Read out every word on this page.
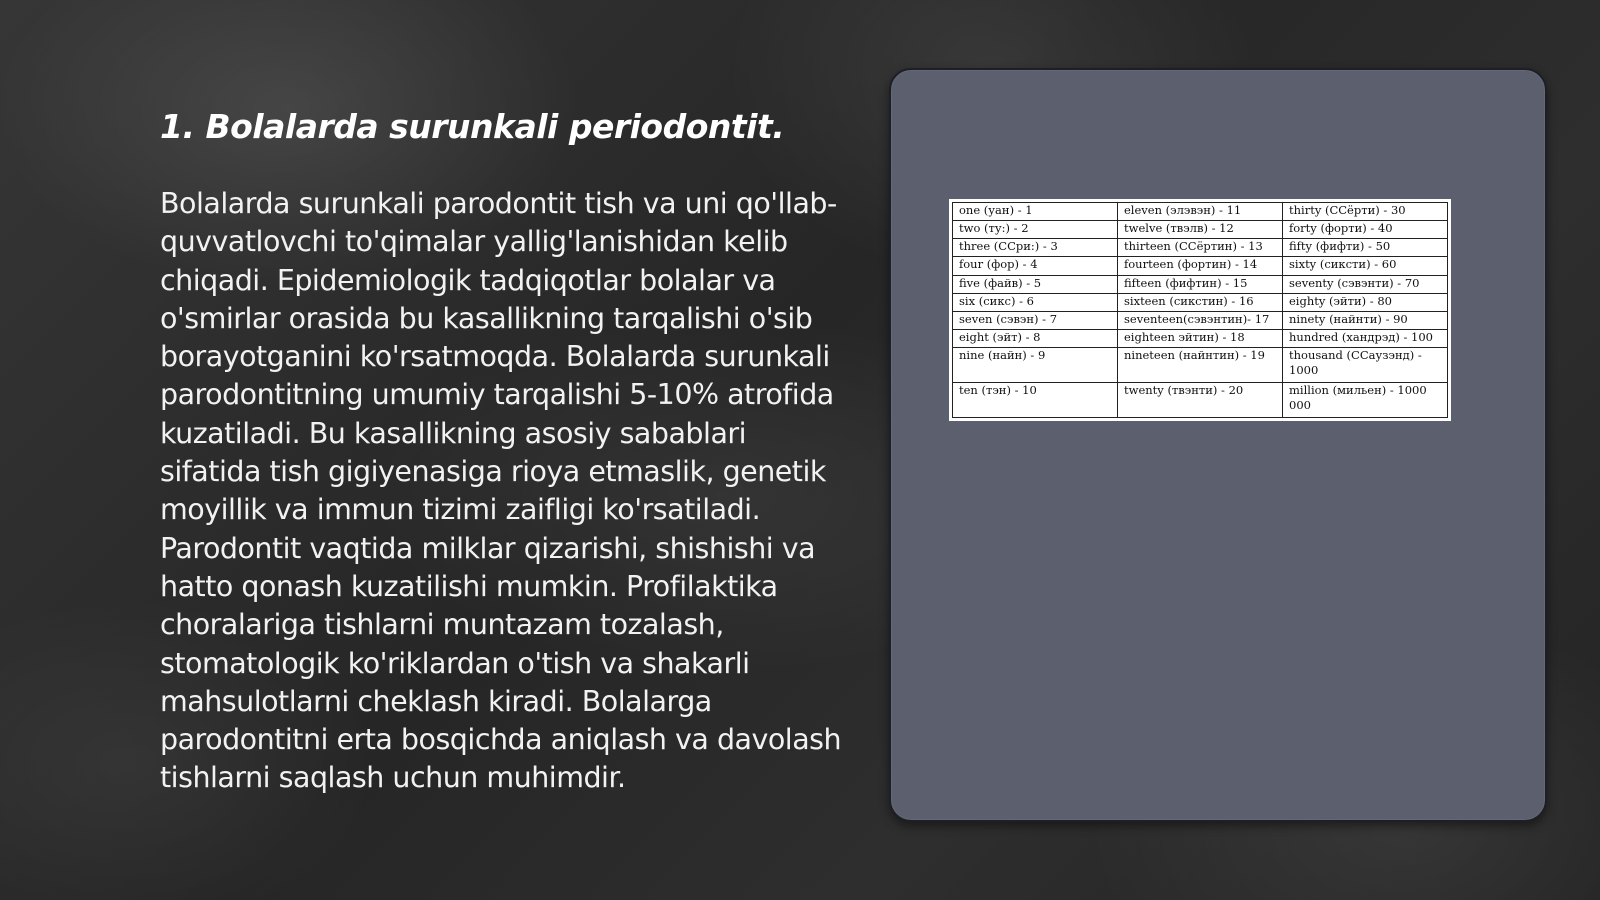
1. Bolalarda surunkali periodontit.

Bolalarda surunkali parodontit tish va uni qo'llab-quvvatlovchi to'qimalar yallig'lanishidan kelib chiqadi. Epidemiologik tadqiqotlar bolalar va o'smirlar orasida bu kasallikning tarqalishi o'sib borayotganini ko'rsatmoqda. Bolalarda surunkali parodontitning umumiy tarqalishi 5-10% atrofida kuzatiladi. Bu kasallikning asosiy sabablari sifatida tish gigiyenasiga rioya etmaslik, genetik moyillik va immun tizimi zaifligi ko'rsatiladi. Parodontit vaqtida milklar qizarishi, shishishi va hatto qonash kuzatilishi mumkin. Profilaktika choralariga tishlarni muntazam tozalash, stomatologik ko'riklardan o'tish va shakarli mahsulotlarni cheklash kiradi. Bolalarga parodontitni erta bosqichda aniqlash va davolash tishlarni saqlash uchun muhimdir.

one (уан) - 1	eleven (элэвэн) - 11	thirty (ССёрти) - 30
two (ту:) - 2	twelve (твэлв) - 12	forty (форти) - 40
three (ССри:) - 3	thirteen (ССёртин) - 13	fifty (фифти) - 50
four (фор) - 4	fourteen (фортин) - 14	sixty (сиксти) - 60
five (файв) - 5	fifteen (фифтин) - 15	seventy (сэвэнти) - 70
six (сикс) - 6	sixteen (сикстин) - 16	eighty (эйти) - 80
seven (сэвэн) - 7	seventeen(сэвэнтин)- 17	ninety (найнти) - 90
eight (эйт) - 8	eighteen эйтин) - 18	hundred (хандрэд) - 100
nine (найн) - 9	nineteen (найнтин) - 19	thousand (ССаузэнд) - 1000
ten (тэн) - 10	twenty (твэнти) - 20	million (мильен) - 1000 000
